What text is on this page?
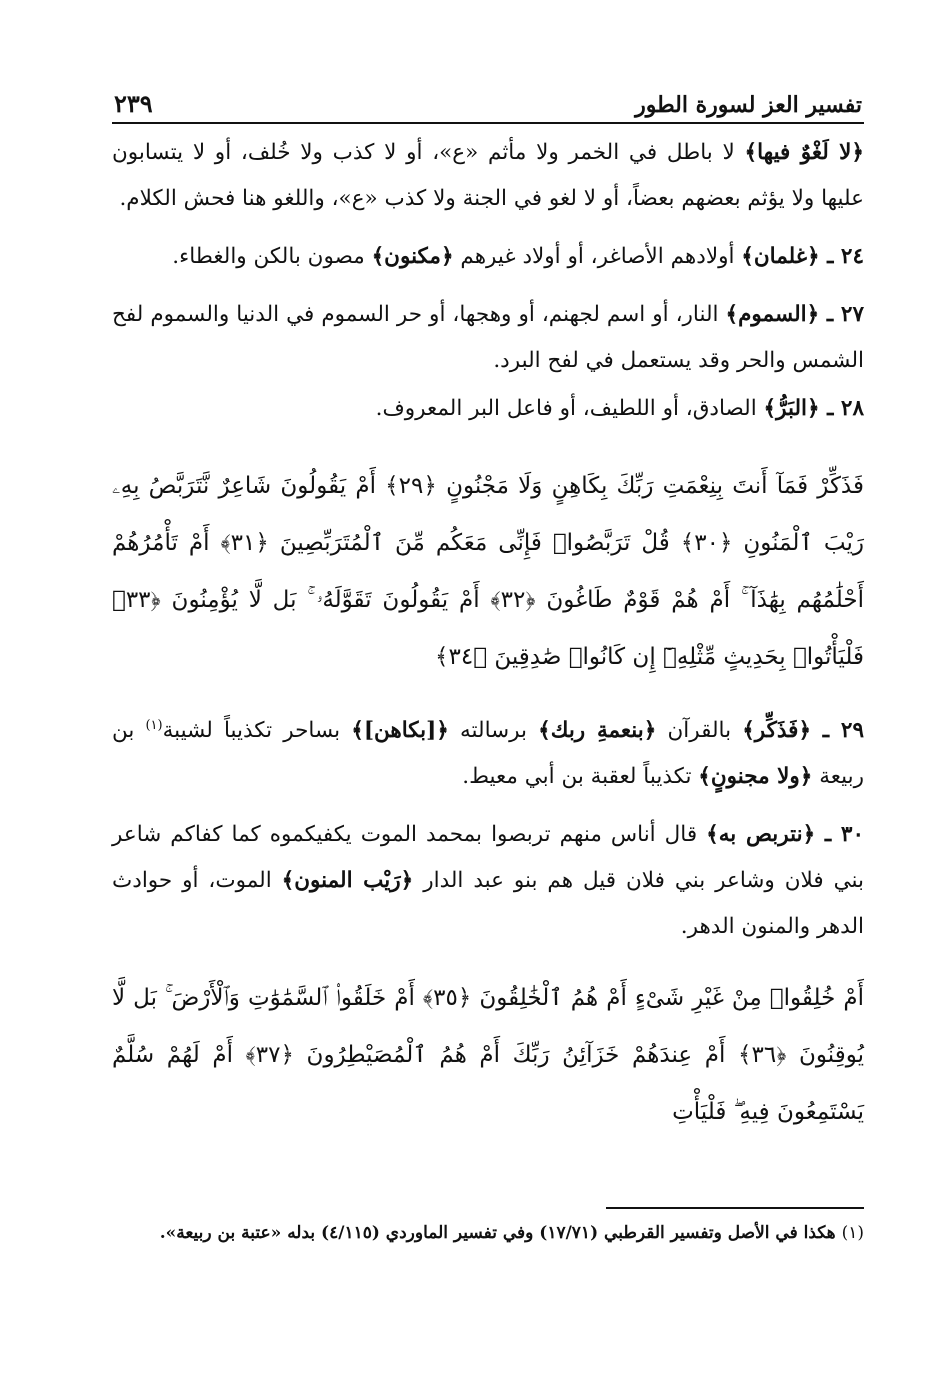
تفسير العز لسورة الطور
٢٣٩

﴿لا لَغْوٌ فيها﴾ لا باطل في الخمر ولا مأثم «ع»، أو لا كذب ولا خُلف، أو لا يتسابون عليها ولا يؤثم بعضهم بعضاً، أو لا لغو في الجنة ولا كذب «ع»، واللغو هنا فحش الكلام.

٢٤ ـ ﴿غلمان﴾ أولادهم الأصاغر، أو أولاد غيرهم ﴿مكنون﴾ مصون بالكن والغطاء.

٢٧ ـ ﴿السموم﴾ النار، أو اسم لجهنم، أو وهجها، أو حر السموم في الدنيا والسموم لفح الشمس والحر وقد يستعمل في لفح البرد.

٢٨ ـ ﴿البَرُّ﴾ الصادق، أو اللطيف، أو فاعل البر المعروف.

فَذَكِّرْ فَمَآ أَنتَ بِنِعْمَتِ رَبِّكَ بِكَاهِنٍ وَلَا مَجْنُونٍ ﴿٢٩﴾ أَمْ يَقُولُونَ شَاعِرٌ نَّتَرَبَّصُ بِهِۦ رَيْبَ ٱلْمَنُونِ ﴿٣٠﴾ قُلْ تَرَبَّصُوا۟ فَإِنِّى مَعَكُم مِّنَ ٱلْمُتَرَبِّصِينَ ﴿٣١﴾ أَمْ تَأْمُرُهُمْ أَحْلَٰمُهُم بِهَٰذَآ ۚ أَمْ هُمْ قَوْمٌ طَاغُونَ ﴿٣٢﴾ أَمْ يَقُولُونَ تَقَوَّلَهُۥ ۚ بَل لَّا يُؤْمِنُونَ ﴿٣٣﴾ فَلْيَأْتُوا۟ بِحَدِيثٍ مِّثْلِهِۦٓ إِن كَانُوا۟ صَٰدِقِينَ ﴿٣٤﴾

٢٩ ـ ﴿فَذَكِّر﴾ بالقرآن ﴿بنعمةِ ربك﴾ برسالته ﴿[بكاهن]﴾ بساحر تكذيباً لشيبة$^{(١)}$ بن ربيعة ﴿ولا مجنونٍ﴾ تكذيباً لعقبة بن أبي معيط.

٣٠ ـ ﴿نتربص به﴾ قال أناس منهم تربصوا بمحمد الموت يكفيكموه كما كفاكم شاعر بني فلان وشاعر بني فلان قيل هم بنو عبد الدار ﴿رَيْب المنون﴾ الموت، أو حوادث الدهر والمنون الدهر.

أَمْ خُلِقُوا۟ مِنْ غَيْرِ شَىْءٍ أَمْ هُمُ ٱلْخَٰلِقُونَ ﴿٣٥﴾ أَمْ خَلَقُوا۟ ٱلسَّمَٰوَٰتِ وَٱلْأَرْضَ ۚ بَل لَّا يُوقِنُونَ ﴿٣٦﴾ أَمْ عِندَهُمْ خَزَآئِنُ رَبِّكَ أَمْ هُمُ ٱلْمُصَيْطِرُونَ ﴿٣٧﴾ أَمْ لَهُمْ سُلَّمٌ يَسْتَمِعُونَ فِيهِ ۖ فَلْيَأْتِ

(١) هكذا في الأصل وتفسير القرطبي (١٧/٧١) وفي تفسير الماوردي (٤/١١٥) بدله «عتبة بن ربيعة».
